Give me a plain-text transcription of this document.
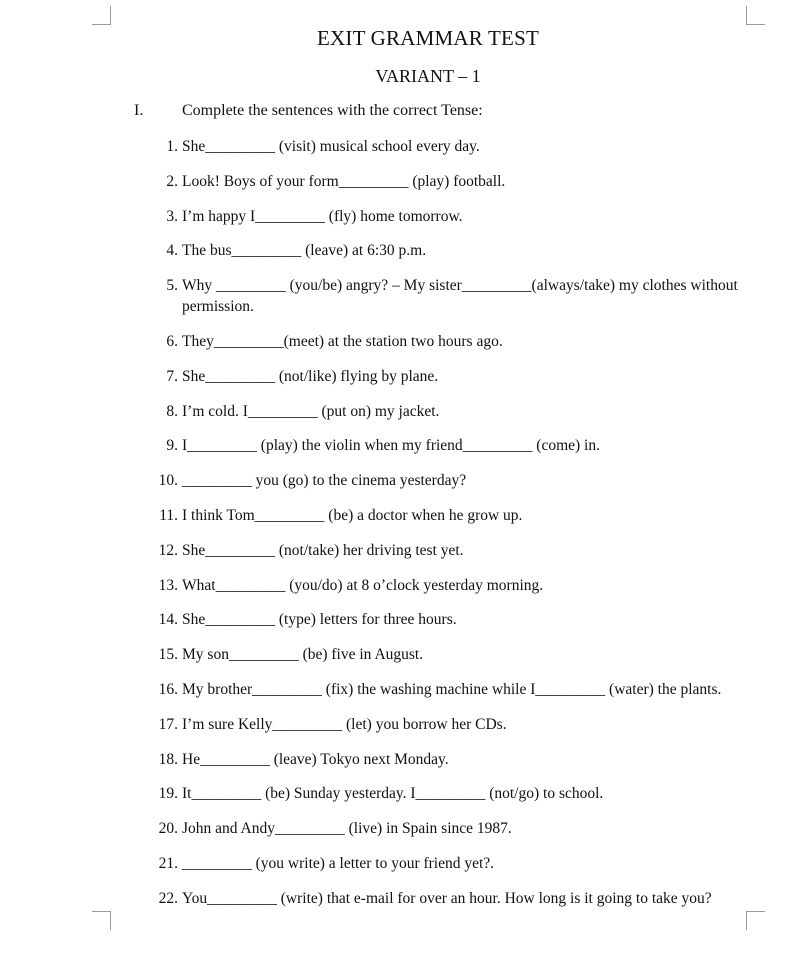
EXIT GRAMMAR TEST
VARIANT – 1
I. Complete the sentences with the correct Tense:
1. She_________ (visit) musical school every day.
2. Look! Boys of your form_________ (play) football.
3. I’m happy I_________ (fly) home tomorrow.
4. The bus_________ (leave) at 6:30 p.m.
5. Why _________ (you/be) angry? – My sister_________(always/take) my clothes without permission.
6. They_________(meet) at the station two hours ago.
7. She_________ (not/like) flying by plane.
8. I’m cold. I_________ (put on) my jacket.
9. I_________ (play) the violin when my friend_________ (come) in.
10. _________ you (go) to the cinema yesterday?
11. I think Tom_________ (be) a doctor when he grow up.
12. She_________ (not/take) her driving test yet.
13. What_________ (you/do) at 8 o’clock yesterday morning.
14. She_________ (type) letters for three hours.
15. My son_________ (be) five in August.
16. My brother_________ (fix) the washing machine while I_________ (water) the plants.
17. I’m sure Kelly_________ (let) you borrow her CDs.
18. He_________ (leave) Tokyo next Monday.
19. It_________ (be) Sunday yesterday. I_________ (not/go) to school.
20. John and Andy_________ (live) in Spain since 1987.
21. _________ (you write) a letter to your friend yet?.
22. You_________ (write) that e-mail for over an hour. How long is it going to take you?
